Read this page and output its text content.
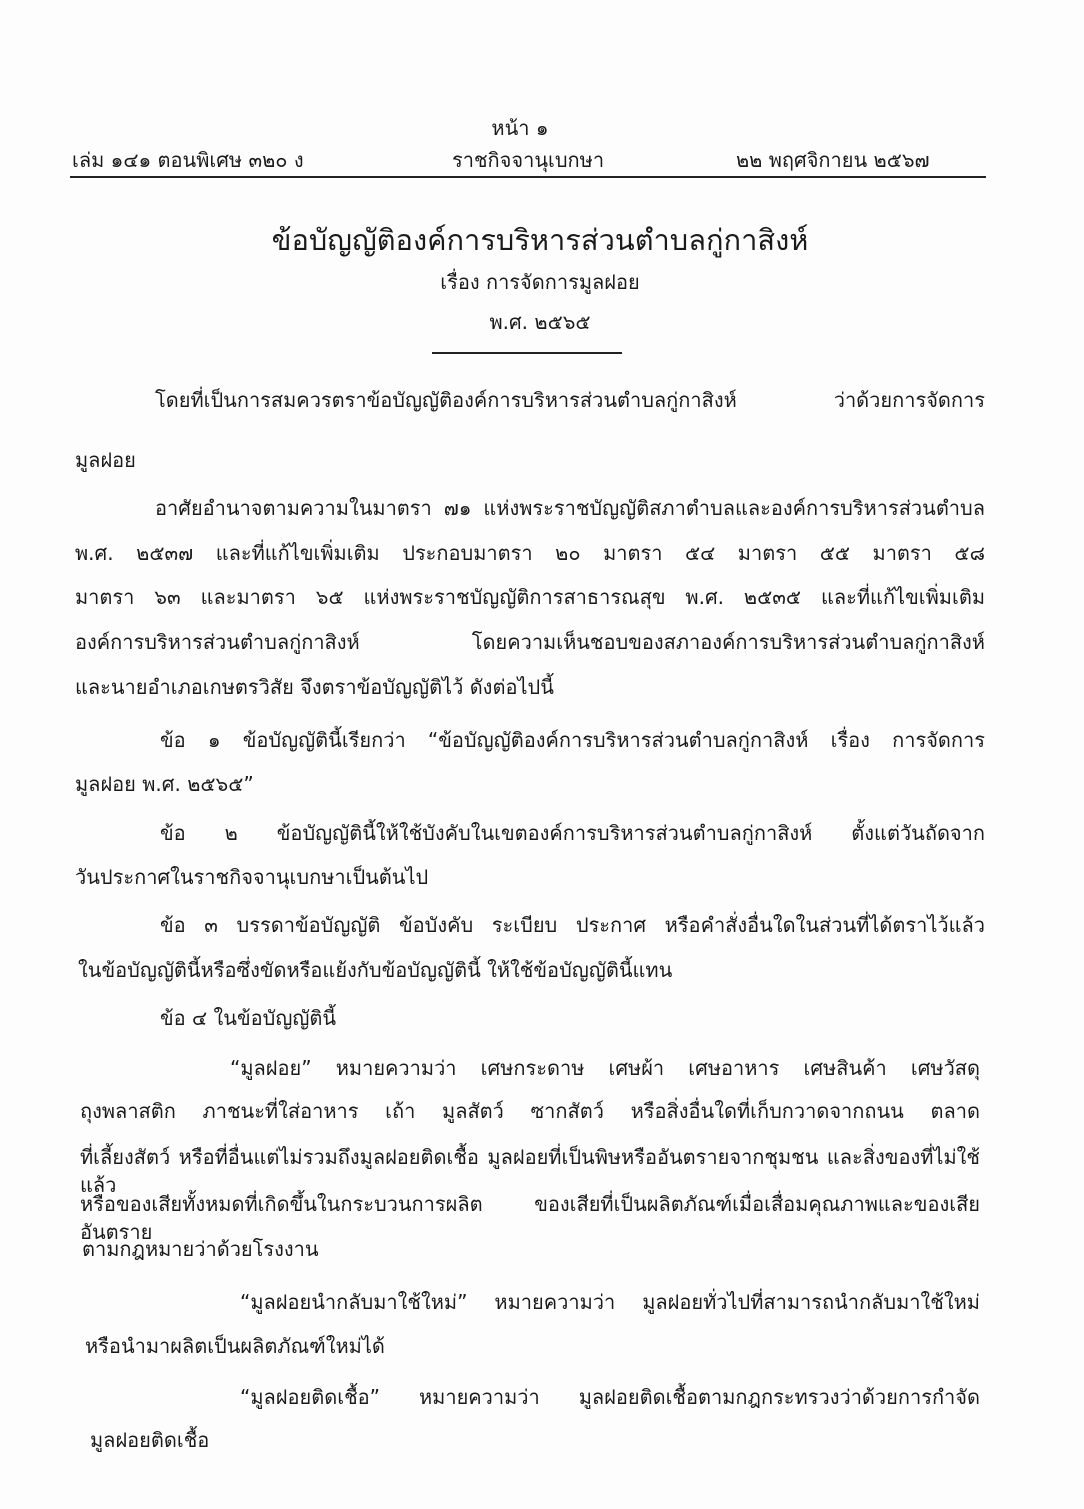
หน้า ๑
เล่ม ๑๔๑ ตอนพิเศษ ๓๒๐ ง	ราชกิจจานุเบกษา	๒๒ พฤศจิกายน ๒๕๖๗
ข้อบัญญัติองค์การบริหารส่วนตำบลกู่กาสิงห์
เรื่อง การจัดการมูลฝอย
พ.ศ. ๒๕๖๕
โดยที่เป็นการสมควรตราข้อบัญญัติองค์การบริหารส่วนตำบลกู่กาสิงห์ ว่าด้วยการจัดการ
มูลฝอย
อาศัยอำนาจตามความในมาตรา ๗๑ แห่งพระราชบัญญัติสภาตำบลและองค์การบริหารส่วนตำบล
พ.ศ. ๒๕๓๗ และที่แก้ไขเพิ่มเติม ประกอบมาตรา ๒๐ มาตรา ๕๔ มาตรา ๕๕ มาตรา ๕๘
มาตรา ๖๓ และมาตรา ๖๕ แห่งพระราชบัญญัติการสาธารณสุข พ.ศ. ๒๕๓๕ และที่แก้ไขเพิ่มเติม
องค์การบริหารส่วนตำบลกู่กาสิงห์ โดยความเห็นชอบของสภาองค์การบริหารส่วนตำบลกู่กาสิงห์
และนายอำเภอเกษตรวิสัย จึงตราข้อบัญญัติไว้ ดังต่อไปนี้
ข้อ ๑ ข้อบัญญัตินี้เรียกว่า “ข้อบัญญัติองค์การบริหารส่วนตำบลกู่กาสิงห์ เรื่อง การจัดการ
มูลฝอย พ.ศ. ๒๕๖๕”
ข้อ ๒ ข้อบัญญัตินี้ให้ใช้บังคับในเขตองค์การบริหารส่วนตำบลกู่กาสิงห์ ตั้งแต่วันถัดจาก
วันประกาศในราชกิจจานุเบกษาเป็นต้นไป
ข้อ ๓ บรรดาข้อบัญญัติ ข้อบังคับ ระเบียบ ประกาศ หรือคำสั่งอื่นใดในส่วนที่ได้ตราไว้แล้ว
ในข้อบัญญัตินี้หรือซึ่งขัดหรือแย้งกับข้อบัญญัตินี้ ให้ใช้ข้อบัญญัตินี้แทน
ข้อ ๔ ในข้อบัญญัตินี้
“มูลฝอย” หมายความว่า เศษกระดาษ เศษผ้า เศษอาหาร เศษสินค้า เศษวัสดุ
ถุงพลาสติก ภาชนะที่ใส่อาหาร เถ้า มูลสัตว์ ซากสัตว์ หรือสิ่งอื่นใดที่เก็บกวาดจากถนน ตลาด
ที่เลี้ยงสัตว์ หรือที่อื่นแต่ไม่รวมถึงมูลฝอยติดเชื้อ มูลฝอยที่เป็นพิษหรืออันตรายจากชุมชน และสิ่งของที่ไม่ใช้แล้ว
หรือของเสียทั้งหมดที่เกิดขึ้นในกระบวนการผลิต ของเสียที่เป็นผลิตภัณฑ์เมื่อเสื่อมคุณภาพและของเสียอันตราย
ตามกฎหมายว่าด้วยโรงงาน
“มูลฝอยนำกลับมาใช้ใหม่” หมายความว่า มูลฝอยทั่วไปที่สามารถนำกลับมาใช้ใหม่
หรือนำมาผลิตเป็นผลิตภัณฑ์ใหม่ได้
“มูลฝอยติดเชื้อ” หมายความว่า มูลฝอยติดเชื้อตามกฎกระทรวงว่าด้วยการกำจัด
มูลฝอยติดเชื้อ
